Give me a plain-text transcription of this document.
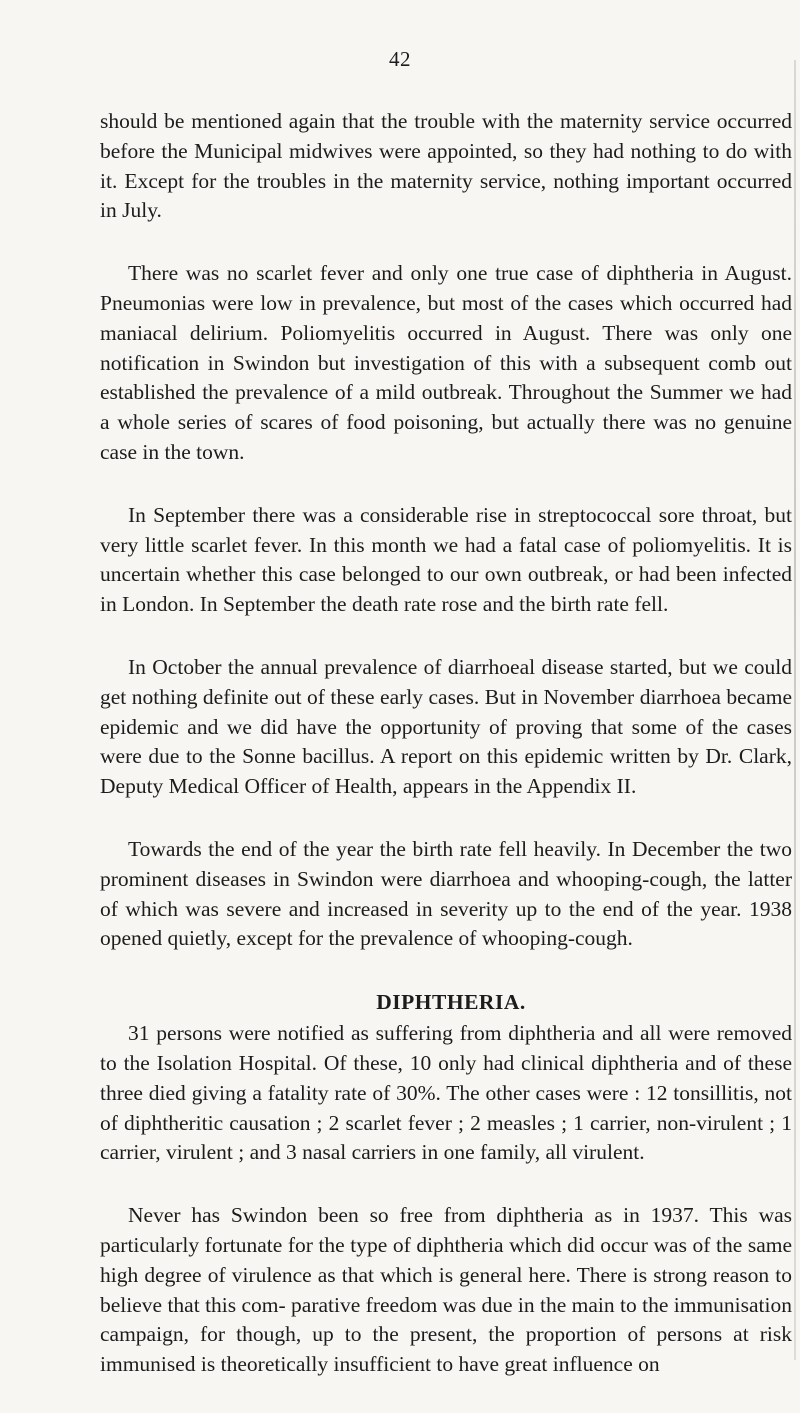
42

should be mentioned again that the trouble with the maternity service occurred before the Municipal midwives were appointed, so they had nothing to do with it. Except for the troubles in the maternity service, nothing important occurred in July.

There was no scarlet fever and only one true case of diphtheria in August. Pneumonias were low in prevalence, but most of the cases which occurred had maniacal delirium. Poliomyelitis occurred in August. There was only one notification in Swindon but investigation of this with a subsequent comb out established the prevalence of a mild outbreak. Throughout the Summer we had a whole series of scares of food poisoning, but actually there was no genuine case in the town.

In September there was a considerable rise in streptococcal sore throat, but very little scarlet fever. In this month we had a fatal case of poliomyelitis. It is uncertain whether this case belonged to our own outbreak, or had been infected in London. In September the death rate rose and the birth rate fell.

In October the annual prevalence of diarrhoeal disease started, but we could get nothing definite out of these early cases. But in November diarrhoea became epidemic and we did have the opportunity of proving that some of the cases were due to the Sonne bacillus. A report on this epidemic written by Dr. Clark, Deputy Medical Officer of Health, appears in the Appendix II.

Towards the end of the year the birth rate fell heavily. In December the two prominent diseases in Swindon were diarrhoea and whooping-cough, the latter of which was severe and increased in severity up to the end of the year. 1938 opened quietly, except for the prevalence of whooping-cough.

DIPHTHERIA.

31 persons were notified as suffering from diphtheria and all were removed to the Isolation Hospital. Of these, 10 only had clinical diphtheria and of these three died giving a fatality rate of 30%. The other cases were : 12 tonsillitis, not of diphtheritic causation ; 2 scarlet fever ; 2 measles ; 1 carrier, non-virulent ; 1 carrier, virulent ; and 3 nasal carriers in one family, all virulent.

Never has Swindon been so free from diphtheria as in 1937. This was particularly fortunate for the type of diphtheria which did occur was of the same high degree of virulence as that which is general here. There is strong reason to believe that this com- parative freedom was due in the main to the immunisation campaign, for though, up to the present, the proportion of persons at risk immunised is theoretically insufficient to have great influence on
